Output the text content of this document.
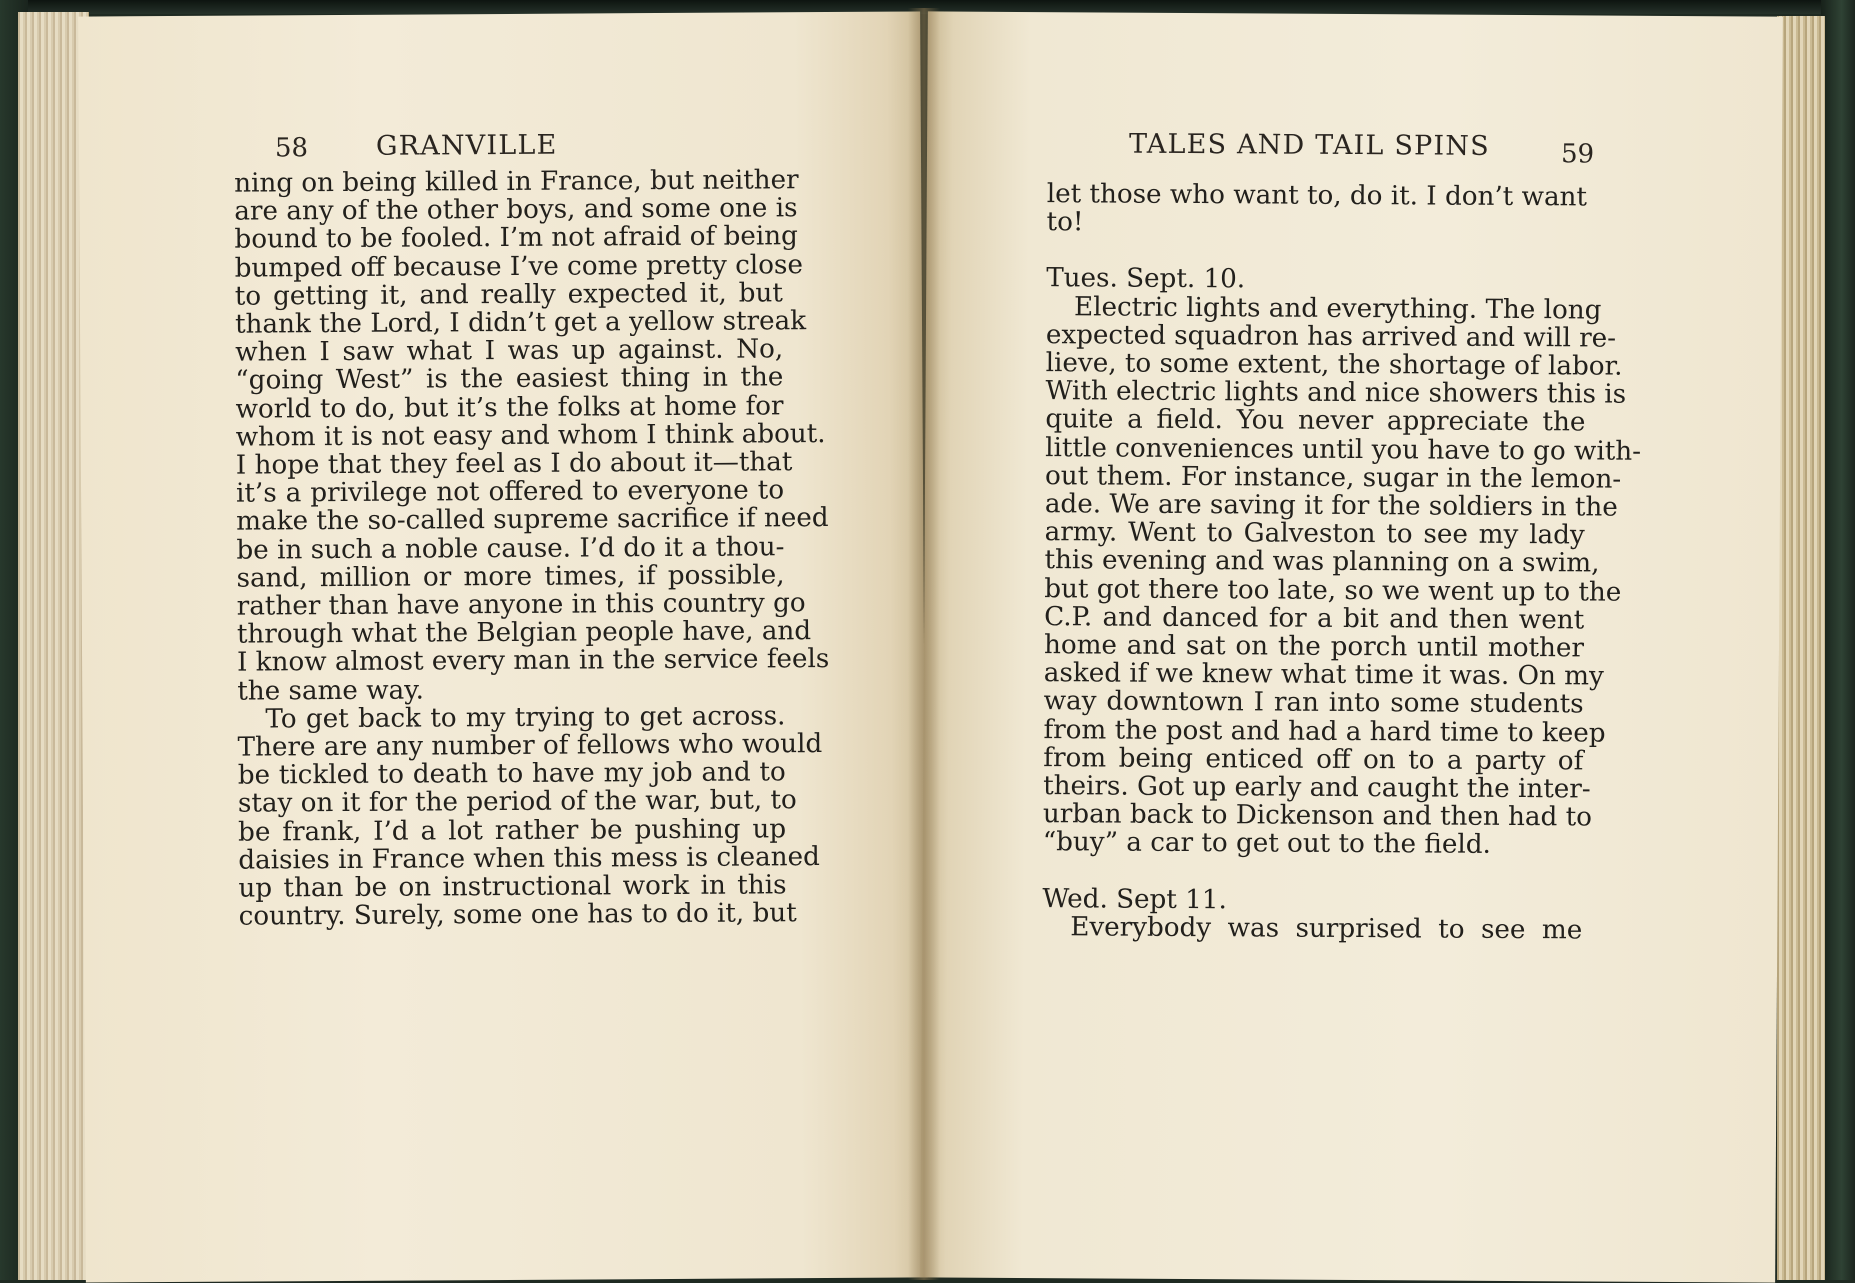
58	GRANVILLE
ning on being killed in France, but neither
are any of the other boys, and some one is
bound to be fooled. I’m not afraid of being
bumped off because I’ve come pretty close
to getting it, and really expected it, but
thank the Lord, I didn’t get a yellow streak
when I saw what I was up against. No,
“going West” is the easiest thing in the
world to do, but it’s the folks at home for
whom it is not easy and whom I think about.
I hope that they feel as I do about it—that
it’s a privilege not offered to everyone to
make the so-called supreme sacrifice if need
be in such a noble cause. I’d do it a thou-
sand, million or more times, if possible,
rather than have anyone in this country go
through what the Belgian people have, and
I know almost every man in the service feels
the same way.
To get back to my trying to get across.
There are any number of fellows who would
be tickled to death to have my job and to
stay on it for the period of the war, but, to
be frank, I’d a lot rather be pushing up
daisies in France when this mess is cleaned
up than be on instructional work in this
country. Surely, some one has to do it, but
TALES AND TAIL SPINS	59
let those who want to, do it. I don’t want
to!
Tues. Sept. 10.
Electric lights and everything. The long
expected squadron has arrived and will re-
lieve, to some extent, the shortage of labor.
With electric lights and nice showers this is
quite a field. You never appreciate the
little conveniences until you have to go with-
out them. For instance, sugar in the lemon-
ade. We are saving it for the soldiers in the
army. Went to Galveston to see my lady
this evening and was planning on a swim,
but got there too late, so we went up to the
C.P. and danced for a bit and then went
home and sat on the porch until mother
asked if we knew what time it was. On my
way downtown I ran into some students
from the post and had a hard time to keep
from being enticed off on to a party of
theirs. Got up early and caught the inter-
urban back to Dickenson and then had to
“buy” a car to get out to the field.
Wed. Sept 11.
Everybody was surprised to see me
